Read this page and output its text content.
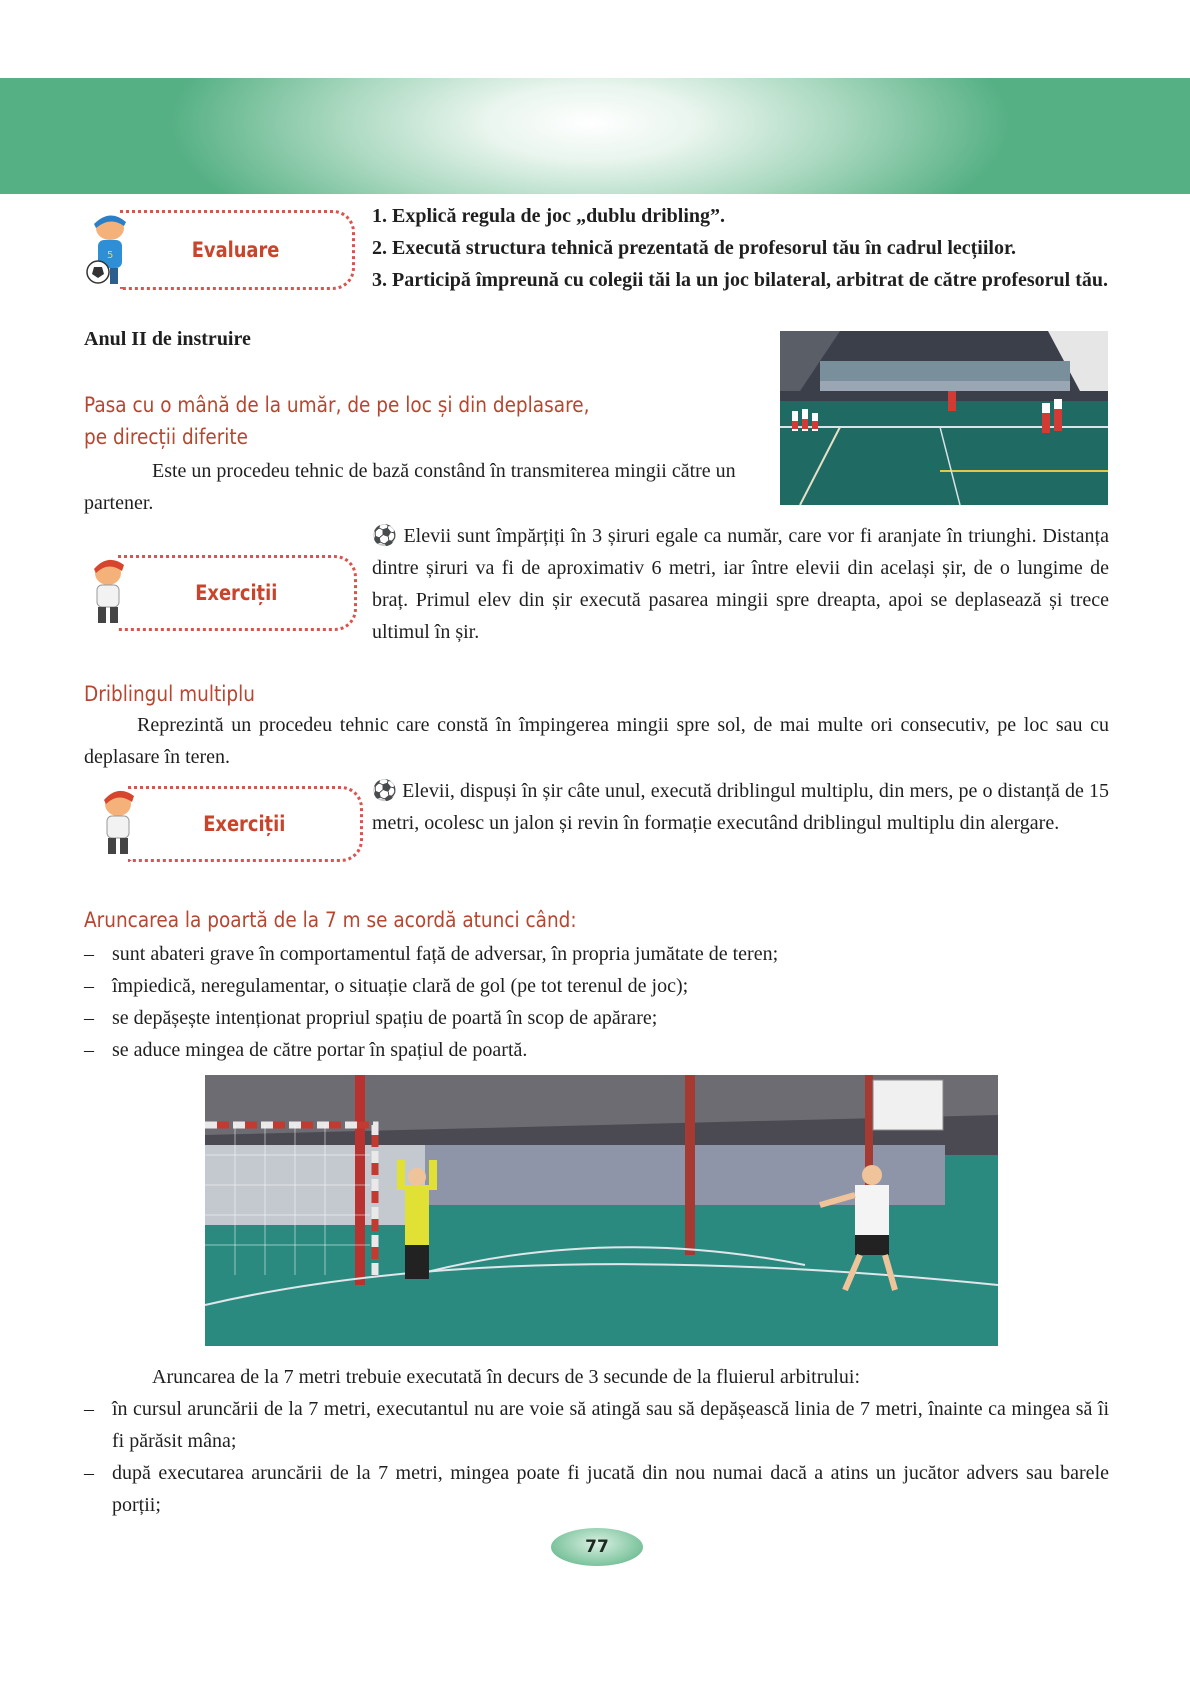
5	Evaluare
1. Explică regula de joc „dublu dribling”.
2. Execută structura tehnică prezentată de profesorul tău în cadrul lecțiilor.
3. Participă împreună cu colegii tăi la un joc bilateral, arbitrat de către profesorul tău.
Anul II de instruire
Pasa cu o mână de la umăr, de pe loc și din deplasare,
pe direcții diferite
Este un procedeu tehnic de bază constând în transmiterea mingii către un partener.
Exerciții
⚽ Elevii sunt împărțiți în 3 șiruri egale ca număr, care vor fi aranjate în triunghi. Distanța dintre șiruri va fi de aproximativ 6 metri, iar între elevii din același șir, de o lungime de braț. Primul elev din șir execută pasarea mingii spre dreapta, apoi se deplasează și trece ultimul în șir.
Driblingul multiplu
Reprezintă un procedeu tehnic care constă în împingerea mingii spre sol, de mai multe ori consecutiv, pe loc sau cu deplasare în teren.
Exerciții
⚽ Elevii, dispuși în șir câte unul, execută driblingul multiplu, din mers, pe o distanță de 15 metri, ocolesc un jalon și revin în formație executând driblingul multiplu din alergare.
Aruncarea la poartă de la 7 m se acordă atunci când:
– sunt abateri grave în comportamentul față de adversar, în propria jumătate de teren;
– împiedică, neregulamentar, o situație clară de gol (pe tot terenul de joc);
– se depășește intenționat propriul spațiu de poartă în scop de apărare;
– se aduce mingea de către portar în spațiul de poartă.
Aruncarea de la 7 metri trebuie executată în decurs de 3 secunde de la fluierul arbitrului:
– în cursul aruncării de la 7 metri, executantul nu are voie să atingă sau să depășească linia de 7 metri, înainte ca mingea să îi fi părăsit mâna;
– după executarea aruncării de la 7 metri, mingea poate fi jucată din nou numai dacă a atins un jucător advers sau barele porții;
77
